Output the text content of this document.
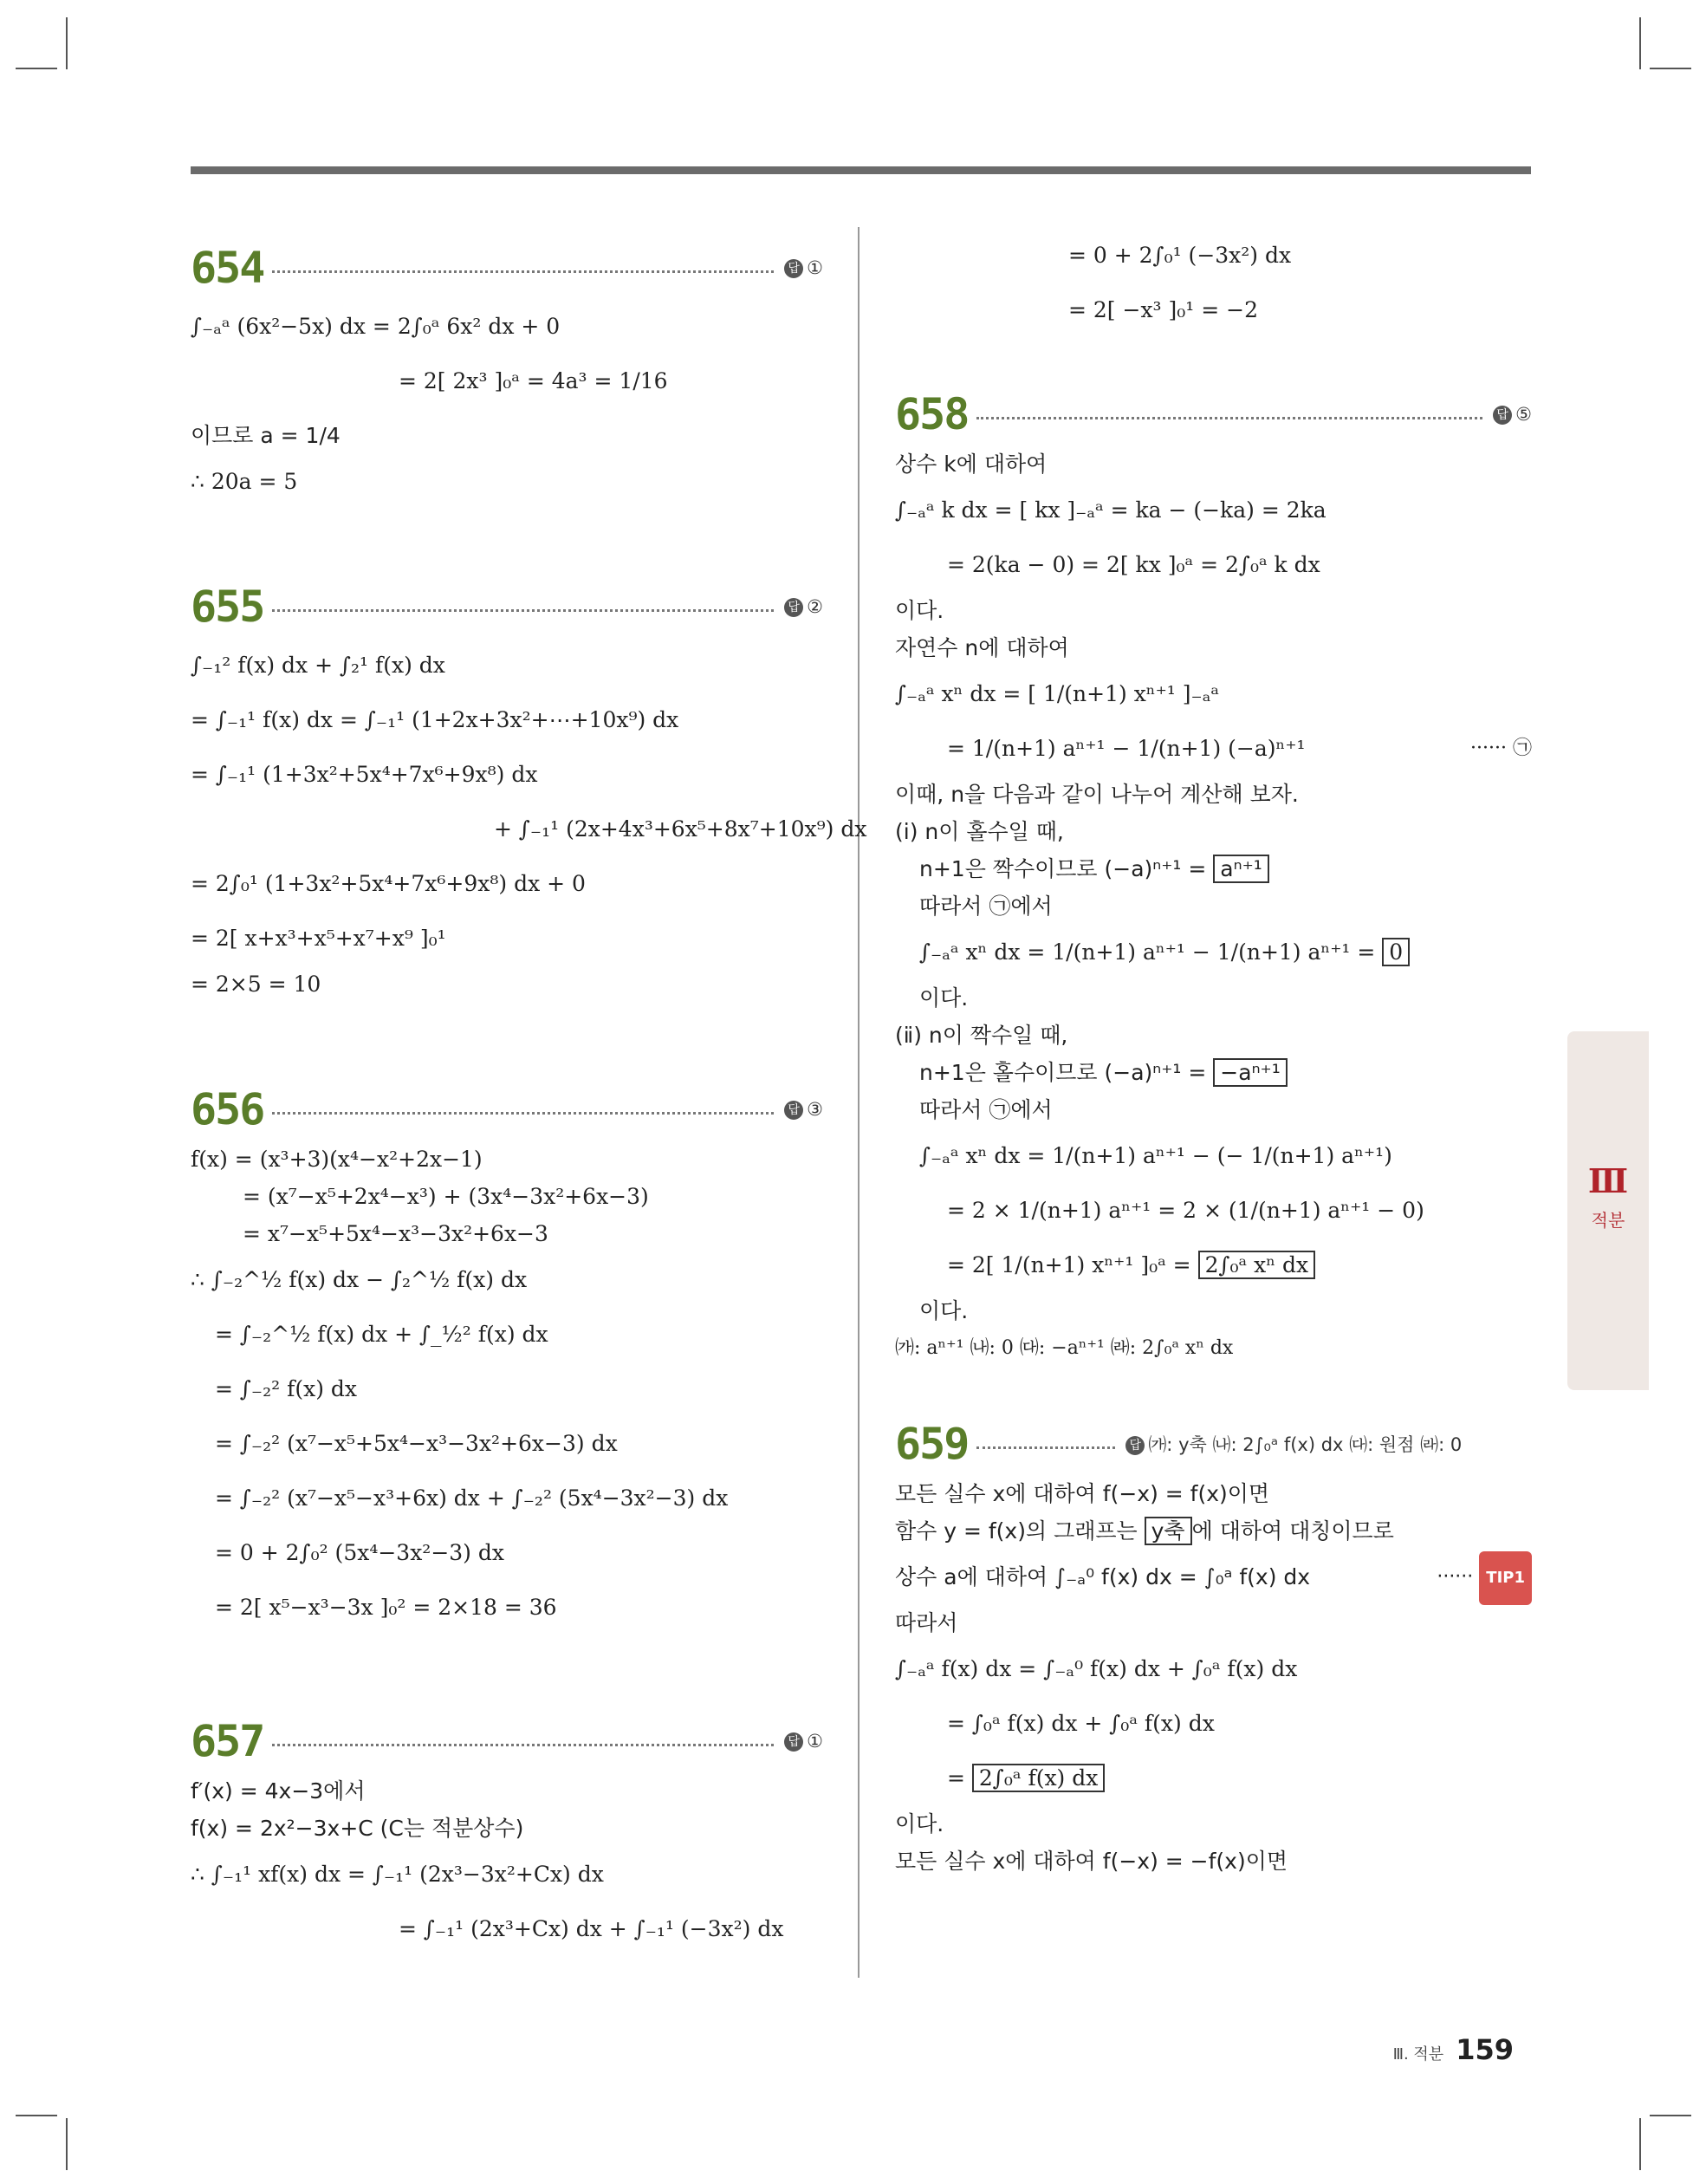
654	답 ①
∫₋ₐᵃ (6x²−5x) dx = 2∫₀ᵃ 6x² dx + 0
= 2[ 2x³ ]₀ᵃ = 4a³ = 1/16
이므로 a = 1/4
∴ 20a = 5
655	답 ②
∫₋₁² f(x) dx + ∫₂¹ f(x) dx
= ∫₋₁¹ f(x) dx = ∫₋₁¹ (1+2x+3x²+⋯+10x⁹) dx
= ∫₋₁¹ (1+3x²+5x⁴+7x⁶+9x⁸) dx
+ ∫₋₁¹ (2x+4x³+6x⁵+8x⁷+10x⁹) dx
= 2∫₀¹ (1+3x²+5x⁴+7x⁶+9x⁸) dx + 0
= 2[ x+x³+x⁵+x⁷+x⁹ ]₀¹
= 2×5 = 10
656	답 ③
f(x) = (x³+3)(x⁴−x²+2x−1)
= (x⁷−x⁵+2x⁴−x³) + (3x⁴−3x²+6x−3)
= x⁷−x⁵+5x⁴−x³−3x²+6x−3
∴ ∫₋₂^½ f(x) dx − ∫₂^½ f(x) dx
= ∫₋₂^½ f(x) dx + ∫_½² f(x) dx
= ∫₋₂² f(x) dx
= ∫₋₂² (x⁷−x⁵+5x⁴−x³−3x²+6x−3) dx
= ∫₋₂² (x⁷−x⁵−x³+6x) dx + ∫₋₂² (5x⁴−3x²−3) dx
= 0 + 2∫₀² (5x⁴−3x²−3) dx
= 2[ x⁵−x³−3x ]₀² = 2×18 = 36
657	답 ①
f′(x) = 4x−3에서
f(x) = 2x²−3x+C (C는 적분상수)
∴ ∫₋₁¹ xf(x) dx = ∫₋₁¹ (2x³−3x²+Cx) dx
= ∫₋₁¹ (2x³+Cx) dx + ∫₋₁¹ (−3x²) dx
= 0 + 2∫₀¹ (−3x²) dx
= 2[ −x³ ]₀¹ = −2
658	답 ⑤
상수 k에 대하여
∫₋ₐᵃ k dx = [ kx ]₋ₐᵃ = ka − (−ka) = 2ka
= 2(ka − 0) = 2[ kx ]₀ᵃ = 2∫₀ᵃ k dx
이다.
자연수 n에 대하여
∫₋ₐᵃ xⁿ dx = [ 1/(n+1) xⁿ⁺¹ ]₋ₐᵃ
= 1/(n+1) aⁿ⁺¹ − 1/(n+1) (−a)ⁿ⁺¹	······ ㉠
이때, n을 다음과 같이 나누어 계산해 보자.
(ⅰ) n이 홀수일 때,
n+1은 짝수이므로 (−a)ⁿ⁺¹ = aⁿ⁺¹
따라서 ㉠에서
∫₋ₐᵃ xⁿ dx = 1/(n+1) aⁿ⁺¹ − 1/(n+1) aⁿ⁺¹ = 0
이다.
(ⅱ) n이 짝수일 때,
n+1은 홀수이므로 (−a)ⁿ⁺¹ = −aⁿ⁺¹
따라서 ㉠에서
∫₋ₐᵃ xⁿ dx = 1/(n+1) aⁿ⁺¹ − (− 1/(n+1) aⁿ⁺¹)
= 2 × 1/(n+1) aⁿ⁺¹ = 2 × (1/(n+1) aⁿ⁺¹ − 0)
= 2[ 1/(n+1) xⁿ⁺¹ ]₀ᵃ = 2∫₀ᵃ xⁿ dx
이다.
㈎: aⁿ⁺¹ ㈏: 0 ㈐: −aⁿ⁺¹ ㈑: 2∫₀ᵃ xⁿ dx
659	답 ㈎: y축 ㈏: 2∫₀ᵃ f(x) dx ㈐: 원점 ㈑: 0
모든 실수 x에 대하여 f(−x) = f(x)이면
함수 y = f(x)의 그래프는 y축 에 대하여 대칭이므로
상수 a에 대하여 ∫₋ₐ⁰ f(x) dx = ∫₀ᵃ f(x) dx	······ TIP1
따라서
∫₋ₐᵃ f(x) dx = ∫₋ₐ⁰ f(x) dx + ∫₀ᵃ f(x) dx
= ∫₀ᵃ f(x) dx + ∫₀ᵃ f(x) dx
= 2∫₀ᵃ f(x) dx
이다.
모든 실수 x에 대하여 f(−x) = −f(x)이면
Ⅲ
적분
Ⅲ. 적분 159
